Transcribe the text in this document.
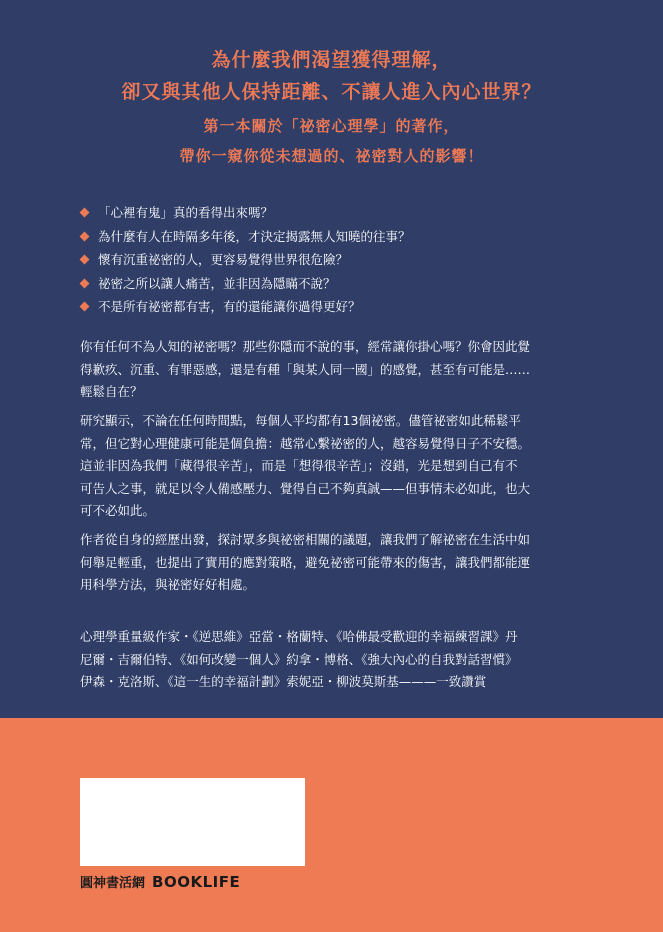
為什麼我們渴望獲得理解，
卻又與其他人保持距離、不讓人進入內心世界？
第一本關於「祕密心理學」的著作，
帶你一窺你從未想過的、祕密對人的影響！
「心裡有鬼」真的看得出來嗎？
為什麼有人在時隔多年後，才決定揭露無人知曉的往事？
懷有沉重祕密的人，更容易覺得世界很危險？
祕密之所以讓人痛苦，並非因為隱瞞不說？
不是所有祕密都有害，有的還能讓你過得更好？

你有任何不為人知的祕密嗎？那些你隱而不說的事，經常讓你掛心嗎？你會因此覺
得歉疚、沉重、有罪惡感，還是有種「與某人同一國」的感覺，甚至有可能是……
輕鬆自在？

研究顯示，不論在任何時間點，每個人平均都有13個祕密。儘管祕密如此稀鬆平
常，但它對心理健康可能是個負擔：越常心繫祕密的人，越容易覺得日子不安穩。
這並非因為我們「藏得很辛苦」，而是「想得很辛苦」；沒錯，光是想到自己有不
可告人之事，就足以令人備感壓力、覺得自己不夠真誠——但事情未必如此，也大
可不必如此。

作者從自身的經歷出發，探討眾多與祕密相關的議題，讓我們了解祕密在生活中如
何舉足輕重，也提出了實用的應對策略，避免祕密可能帶來的傷害，讓我們都能運
用科學方法，與祕密好好相處。

心理學重量級作家・《逆思維》亞當・格蘭特、《哈佛最受歡迎的幸福練習課》丹
尼爾・吉爾伯特、《如何改變一個人》約拿・博格、《強大內心的自我對話習慣》
伊森・克洛斯、《這一生的幸福計劃》索妮亞・柳波莫斯基———一致讚賞

圓神書活網 BOOKLIFE
